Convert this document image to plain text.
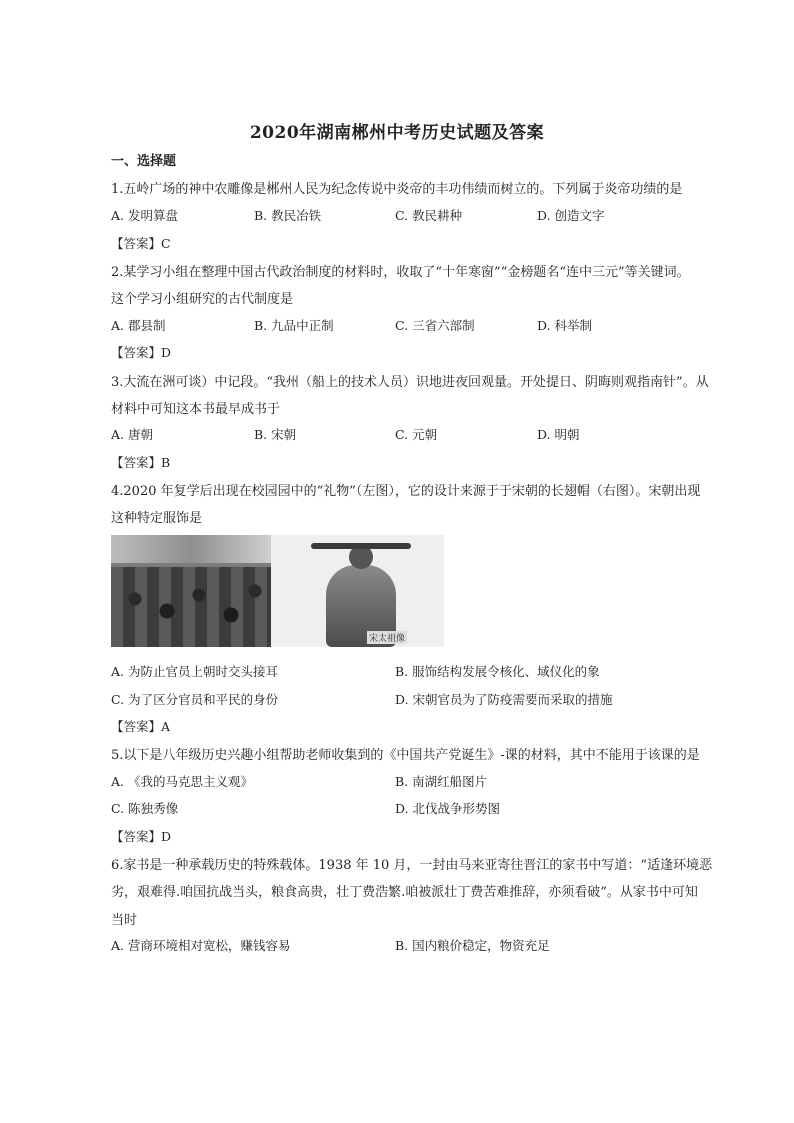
2020年湖南郴州中考历史试题及答案
一、选择题
1.五岭广场的神中农雕像是郴州人民为纪念传说中炎帝的丰功伟绩而树立的。下列属于炎帝功绩的是
A. 发明算盘	B. 教民冶铁	C. 教民耕种	D. 创造文字
【答案】C
2.某学习小组在整理中国古代政治制度的材料时，收取了“十年寒窗”“金榜题名“连中三元”等关键词。
这个学习小组研究的古代制度是
A. 郡县制	B. 九品中正制	C. 三省六部制	D. 科举制
【答案】D
3.大流在洲可谈）中记段。“我州（船上的技术人员）识地进夜回观量。开处提日、阴晦则观指南针”。从
材料中可知这本书最早成书于
A. 唐朝	B. 宋朝	C. 元朝	D. 明朝
【答案】B
4.2020 年复学后出现在校园园中的“礼物”（左图），它的设计来源于于宋朝的长翅帽（右图）。宋朝出现
这种特定服饰是
宋太祖像
A. 为防止官员上朝时交头接耳	B. 服饰结构发展令核化、域仪化的象
C. 为了区分官员和平民的身份	D. 宋朝官员为了防疫需要而采取的措施
【答案】A
5.以下是八年级历史兴趣小组帮助老师收集到的《中国共产党诞生》-课的材料，其中不能用于该课的是
A. 《我的马克思主义观》	B. 南湖红船图片
C. 陈独秀像	D. 北伐战争形势图
【答案】D
6.家书是一种承载历史的特殊载体。1938 年 10 月，一封由马来亚寄往晋江的家书中写道：“适逢环境恶
劣，艰难得.咱国抗战当头，粮食高贵，壮丁费浩繁.咱被派壮丁费苦难推辞，亦须看破”。从家书中可知
当时
A. 营商环境相对宽松，赚钱容易	B. 国内粮价稳定，物资充足
